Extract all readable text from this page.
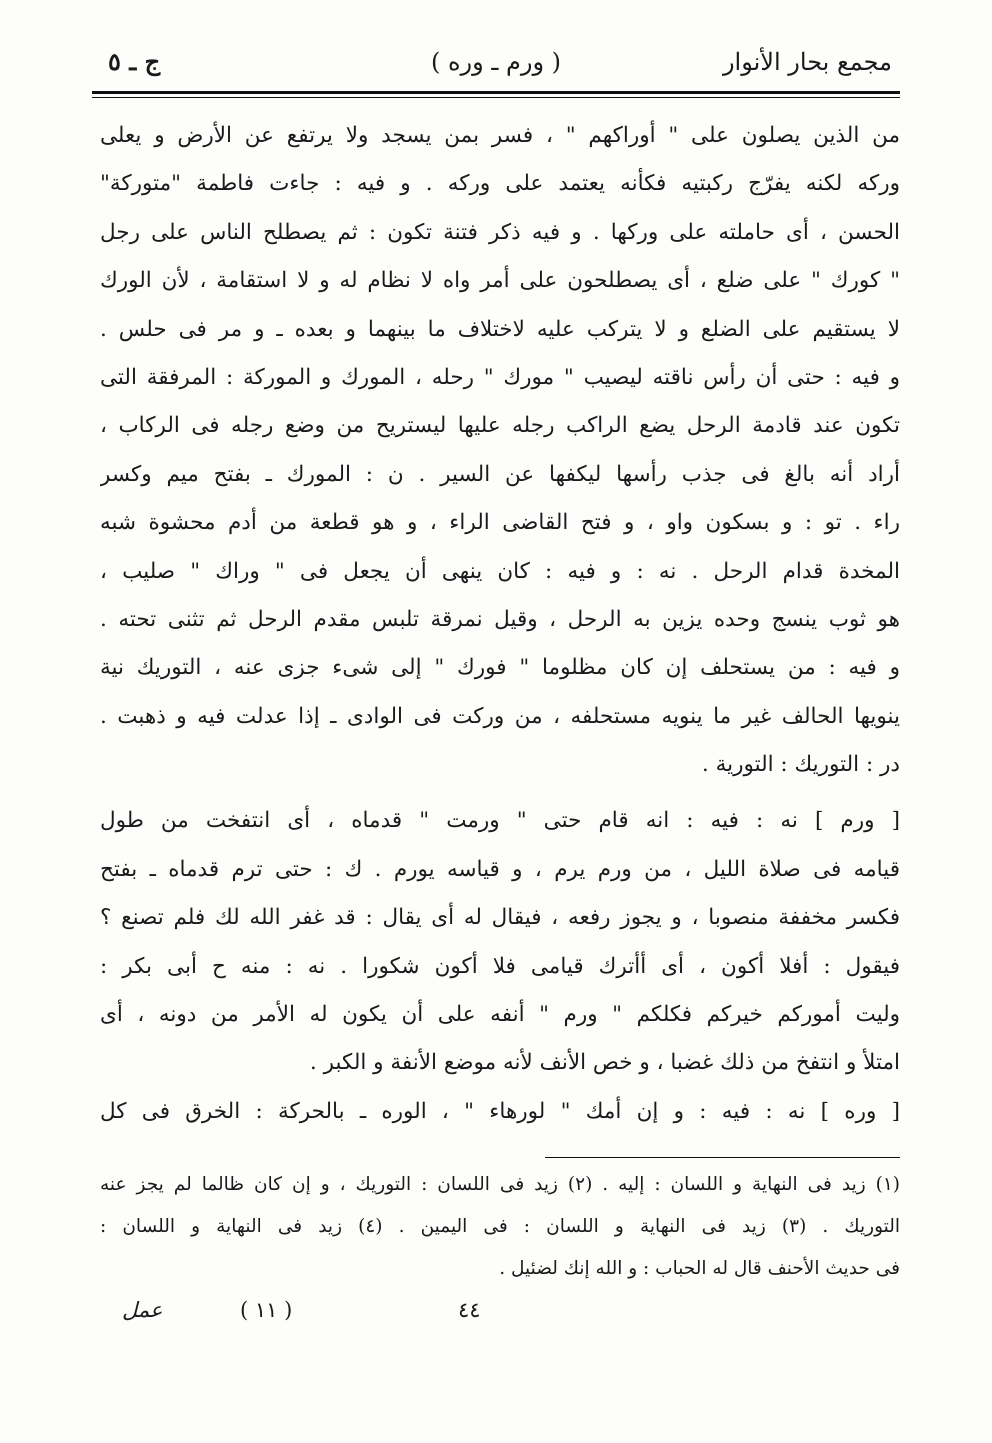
مجمع بحار الأنوار
( ورم ـ وره )
ج ـ ٥
من الذين يصلون على " أوراكهم " ، فسر بمن يسجد ولا يرتفع عن الأرض و يعلى
وركه لكنه يفرّج ركبتيه فكأنه يعتمد على وركه . و فيه : جاءت فاطمة "متوركة"
الحسن ، أى حاملته على وركها . و فيه ذكر فتنة تكون : ثم يصطلح الناس على رجل
" كورك " على ضلع ، أى يصطلحون على أمر واه لا نظام له و لا استقامة ، لأن الورك
لا يستقيم على الضلع و لا يتركب عليه لاختلاف ما بينهما و بعده ـ و مر فى حلس .
و فيه : حتى أن رأس ناقته ليصيب " مورك " رحله ، المورك و الموركة : المرفقة التى
تكون عند قادمة الرحل يضع الراكب رجله عليها ليستريح من وضع رجله فى الركاب ،
أراد أنه بالغ فى جذب رأسها ليكفها عن السير . ن : المورك ـ بفتح ميم وكسر
راء . تو : و بسكون واو ، و فتح القاضى الراء ، و هو قطعة من أدم محشوة شبه
المخدة قدام الرحل . نه : و فيه : كان ينهى أن يجعل فى " وراك " صليب ،
هو ثوب ينسج وحده يزين به الرحل ، وقيل نمرقة تلبس مقدم الرحل ثم تثنى تحته .
و فيه : من يستحلف إن كان مظلوما " فورك " إلى شىء جزى عنه ، التوريك نية
ينويها الحالف غير ما ينويه مستحلفه ، من وركت فى الوادى ـ إذا عدلت فيه و ذهبت .
در : التوريك : التورية .
[ ورم ] نه : فيه : انه قام حتى " ورمت " قدماه ، أى انتفخت من طول
قيامه فى صلاة الليل ، من ورم يرم ، و قياسه يورم . ك : حتى ترم قدماه ـ بفتح
فكسر مخففة منصوبا ، و يجوز رفعه ، فيقال له أى يقال : قد غفر الله لك فلم تصنع ؟
فيقول : أفلا أكون ، أى أأترك قيامى فلا أكون شكورا . نه : منه ح أبى بكر :
وليت أموركم خيركم فكلكم " ورم " أنفه على أن يكون له الأمر من دونه ، أى
امتلأ و انتفخ من ذلك غضبا ، و خص الأنف لأنه موضع الأنفة و الكبر .
[ وره ] نه : فيه : و إن أمك " لورهاء " ، الوره ـ بالحركة : الخرق فى كل
(١) زيد فى النهاية و اللسان : إليه . (٢) زيد فى اللسان : التوريك ، و إن كان ظالما لم يجز عنه
التوريك . (٣) زيد فى النهاية و اللسان : فى اليمين . (٤) زيد فى النهاية و اللسان :
فى حديث الأحنف قال له الحباب : و الله إنك لضئيل .
عمل	( ١١ )	٤٤
